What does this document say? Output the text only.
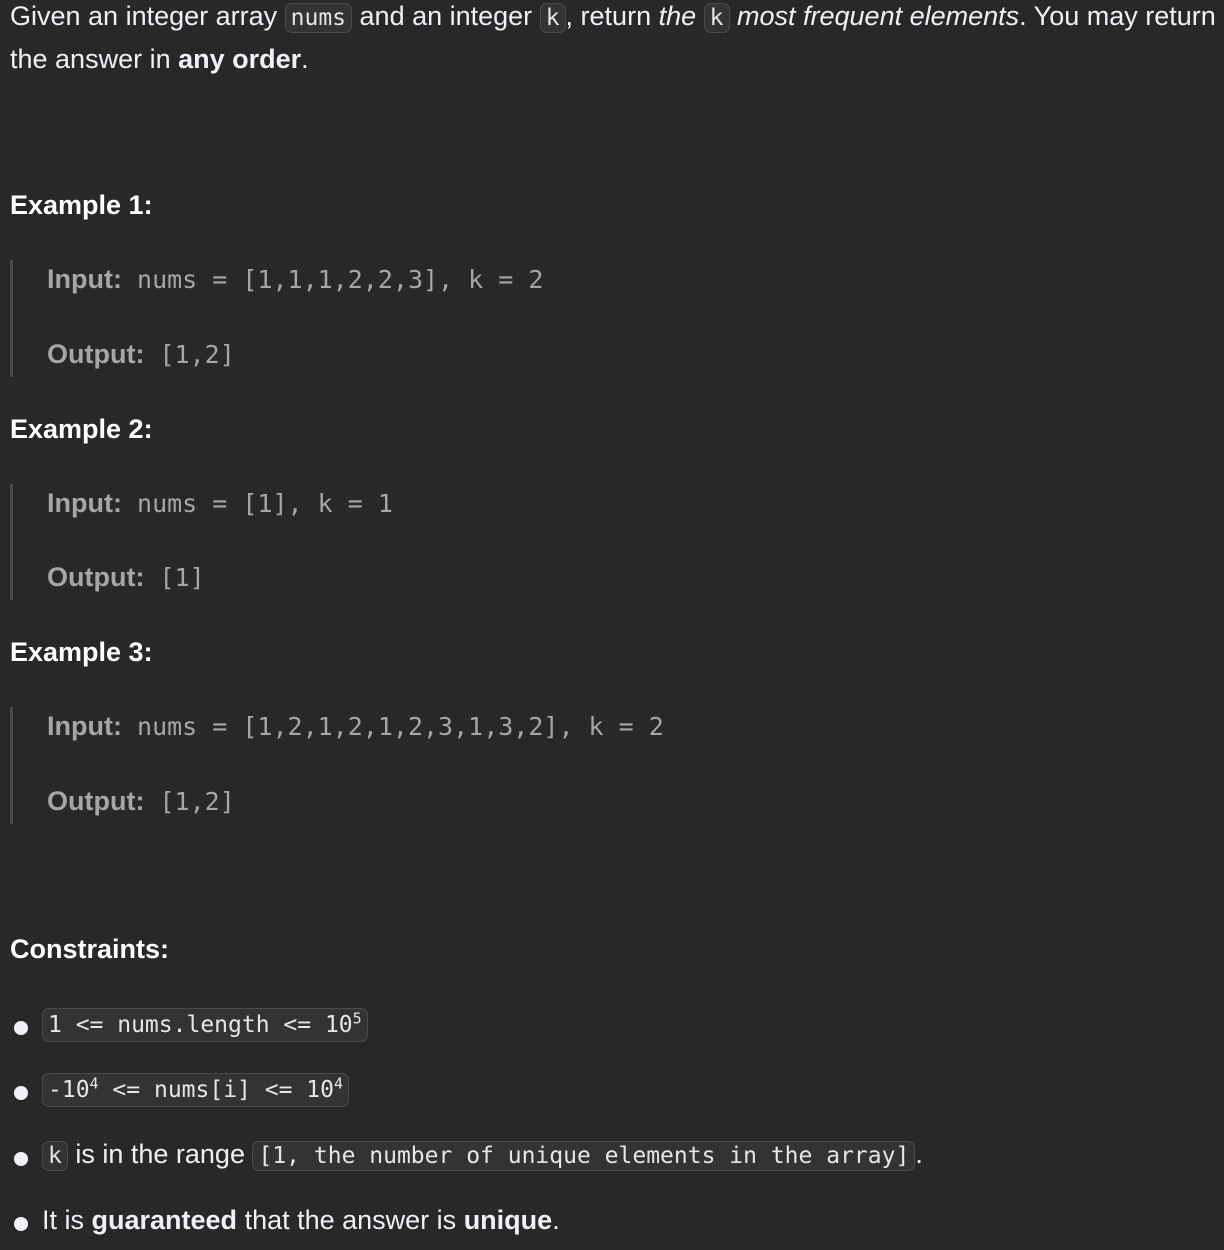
Given an integer array nums and an integer k , return the k most frequent elements. You may return the answer in any order.
Example 1:
Input: nums = [1,1,1,2,2,3], k = 2
Output: [1,2]
Example 2:
Input: nums = [1], k = 1
Output: [1]
Example 3:
Input: nums = [1,2,1,2,1,2,3,1,3,2], k = 2
Output: [1,2]
Constraints:
1 <= nums.length <= $10^5$
$-10^4$ <= nums[i] <= $10^4$
k is in the range [1, the number of unique elements in the array] .
It is guaranteed that the answer is unique.
